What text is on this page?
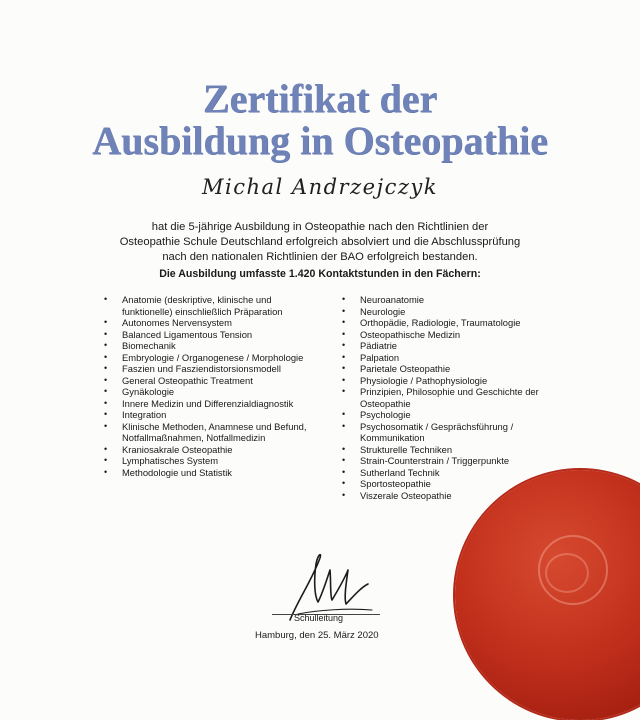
Zertifikat der
Ausbildung in Osteopathie

Michal Andrzejczyk

hat die 5-jährige Ausbildung in Osteopathie nach den Richtlinien der
Osteopathie Schule Deutschland erfolgreich absolviert und die Abschlussprüfung
nach den nationalen Richtlinien der BAO erfolgreich bestanden.

Die Ausbildung umfasste 1.420 Kontaktstunden in den Fächern:

• Anatomie (deskriptive, klinische und funktionelle) einschließlich Präparation
• Autonomes Nervensystem
• Balanced Ligamentous Tension
• Biomechanik
• Embryologie / Organogenese / Morphologie
• Faszien und Fasziendistorsionsmodell
• General Osteopathic Treatment
• Gynäkologie
• Innere Medizin und Differenzialdiagnostik
• Integration
• Klinische Methoden, Anamnese und Befund, Notfallmaßnahmen, Notfallmedizin
• Kraniosakrale Osteopathie
• Lymphatisches System
• Methodologie und Statistik
• Neuroanatomie
• Neurologie
• Orthopädie, Radiologie, Traumatologie
• Osteopathische Medizin
• Pädiatrie
• Palpation
• Parietale Osteopathie
• Physiologie / Pathophysiologie
• Prinzipien, Philosophie und Geschichte der Osteopathie
• Psychologie
• Psychosomatik / Gesprächsführung / Kommunikation
• Strukturelle Techniken
• Strain-Counterstrain / Triggerpunkte
• Sutherland Technik
• Sportosteopathie
• Viszerale Osteopathie

Schulleitung

Hamburg, den 25. März 2020
